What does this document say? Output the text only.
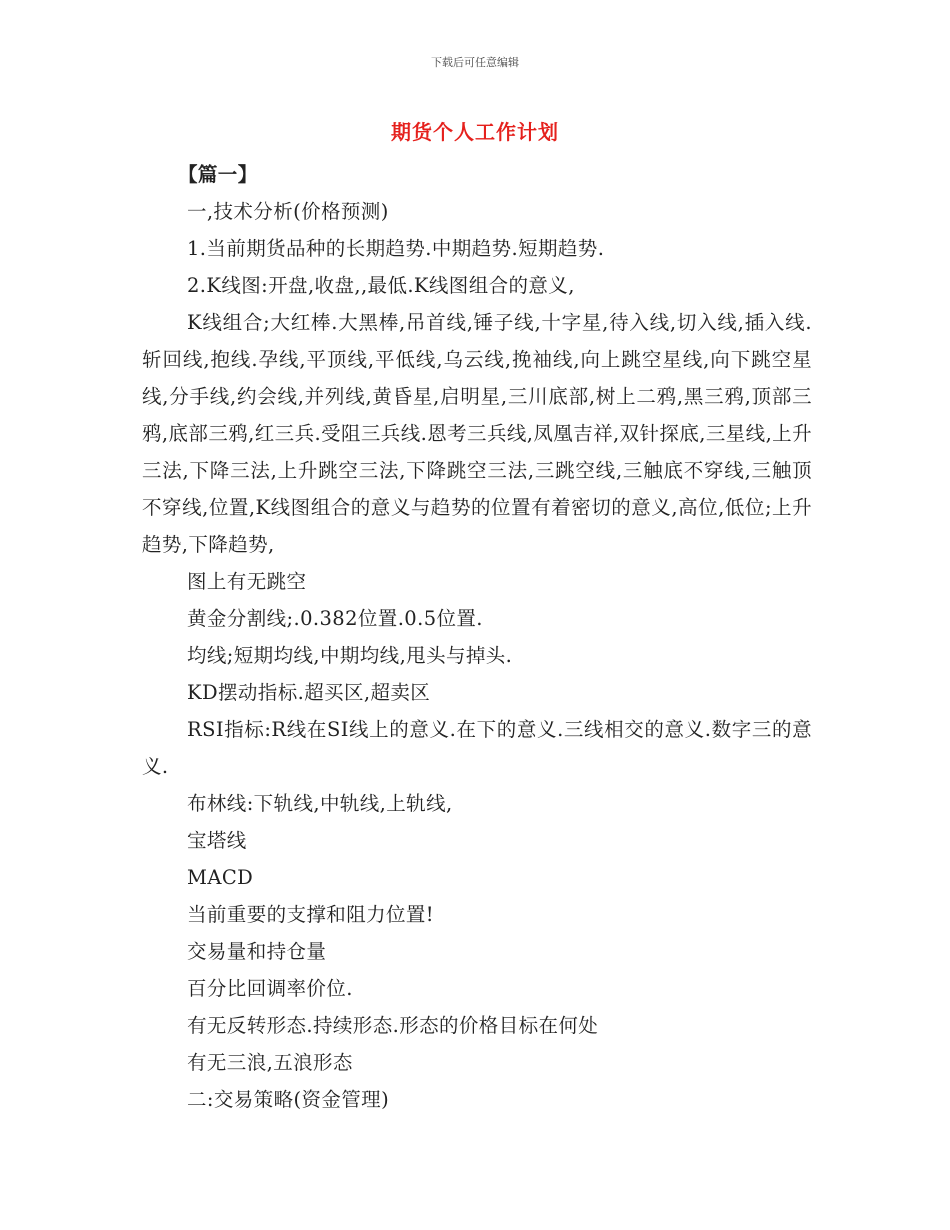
下载后可任意编辑
期货个人工作计划

【篇一】

一,技术分析(价格预测)

1.当前期货品种的长期趋势.中期趋势.短期趋势.

2.K线图:开盘,收盘,,最低.K线图组合的意义,

K线组合;大红棒.大黑棒,吊首线,锤子线,十字星,待入线,切入线,插入线.斩回线,抱线.孕线,平顶线,平低线,乌云线,挽袖线,向上跳空星线,向下跳空星线,分手线,约会线,并列线,黄昏星,启明星,三川底部,树上二鸦,黑三鸦,顶部三鸦,底部三鸦,红三兵.受阻三兵线.恩考三兵线,凤凰吉祥,双针探底,三星线,上升三法,下降三法,上升跳空三法,下降跳空三法,三跳空线,三触底不穿线,三触顶不穿线,位置,K线图组合的意义与趋势的位置有着密切的意义,高位,低位;上升趋势,下降趋势,

图上有无跳空

黄金分割线;.0.382位置.0.5位置.

均线;短期均线,中期均线,甩头与掉头.

KD摆动指标.超买区,超卖区

RSI指标:R线在SI线上的意义.在下的意义.三线相交的意义.数字三的意义.

布林线:下轨线,中轨线,上轨线,

宝塔线

MACD

当前重要的支撑和阻力位置!

交易量和持仓量

百分比回调率价位.

有无反转形态.持续形态.形态的价格目标在何处

有无三浪,五浪形态

二:交易策略(资金管理)
